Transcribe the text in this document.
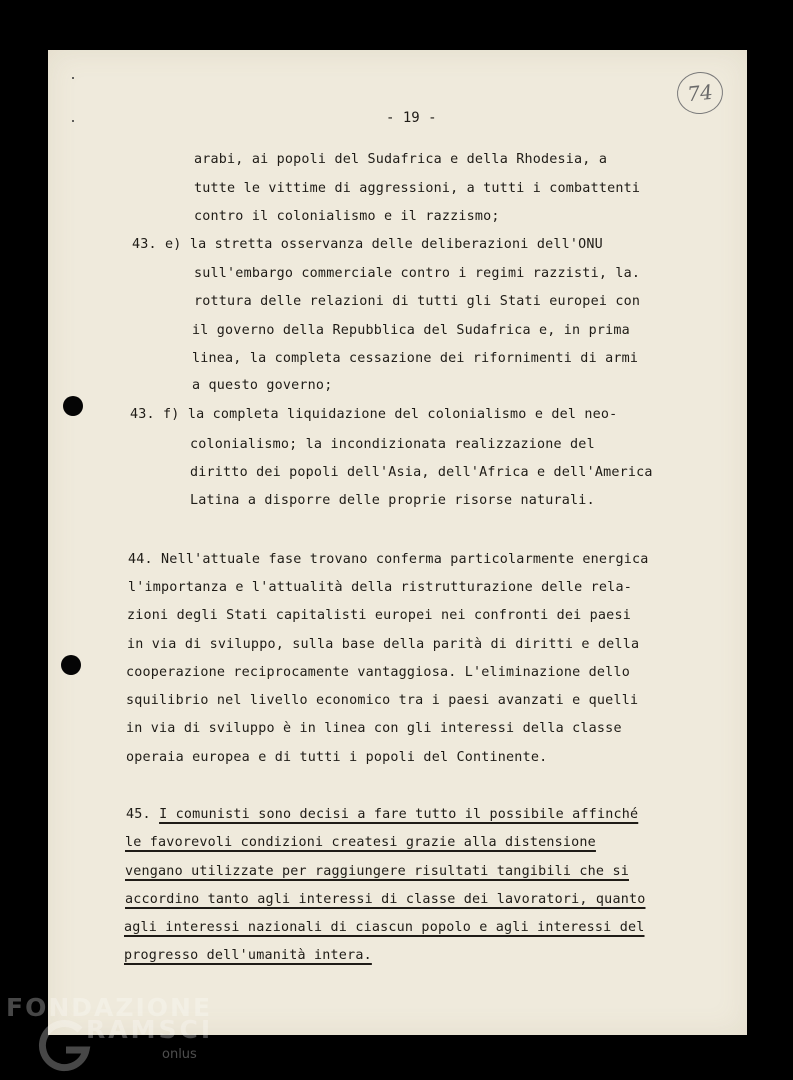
- 19 -
74
arabi, ai popoli del Sudafrica e della Rhodesia, a
tutte le vittime di aggressioni, a tutti i combattenti
contro il colonialismo e il razzismo;
43. e) la stretta osservanza delle deliberazioni dell'ONU
sull'embargo commerciale contro i regimi razzisti, la.
rottura delle relazioni di tutti gli Stati europei con
il governo della Repubblica del Sudafrica e, in prima
linea, la completa cessazione dei rifornimenti di armi
a questo governo;
43. f) la completa liquidazione del colonialismo e del neo-
colonialismo; la incondizionata realizzazione del
diritto dei popoli dell'Asia, dell'Africa e dell'America
Latina a disporre delle proprie risorse naturali.
44. Nell'attuale fase trovano conferma particolarmente energica
l'importanza e l'attualità della ristrutturazione delle rela-
zioni degli Stati capitalisti europei nei confronti dei paesi
in via di sviluppo, sulla base della parità di diritti e della
cooperazione reciprocamente vantaggiosa. L'eliminazione dello
squilibrio nel livello economico tra i paesi avanzati e quelli
in via di sviluppo è in linea con gli interessi della classe
operaia europea e di tutti i popoli del Continente.
45. I comunisti sono decisi a fare tutto il possibile affinché
le favorevoli condizioni createsi grazie alla distensione
vengano utilizzate per raggiungere risultati tangibili che si
accordino tanto agli interessi di classe dei lavoratori, quanto
agli interessi nazionali di ciascun popolo e agli interessi del
progresso dell'umanità intera.
FONDAZIONE
RAMSCI
onlus
